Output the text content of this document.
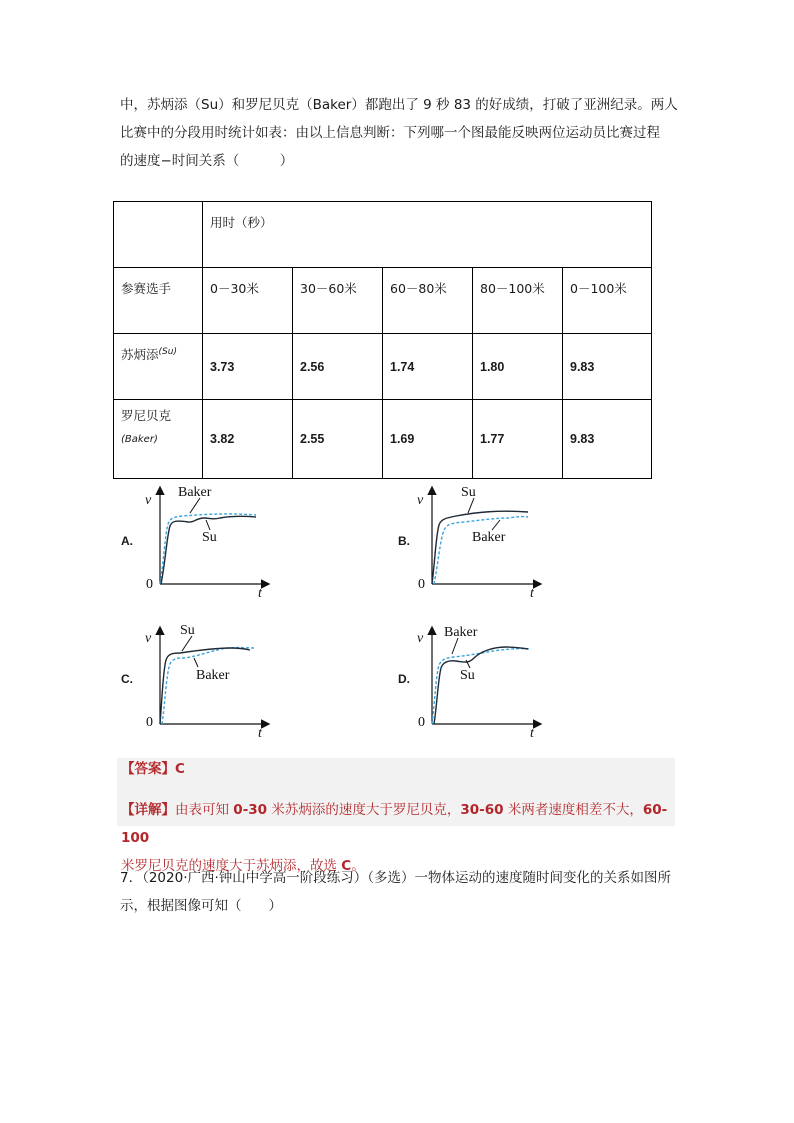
中，苏炳添（Su）和罗尼贝克（Baker）都跑出了 9 秒 83 的好成绩，打破了亚洲纪录。两人
比赛中的分段用时统计如表：由以上信息判断：下列哪一个图最能反映两位运动员比赛过程
的速度−时间关系（　　　）
	用时（秒）				
参赛选手	0－30米	30－60米	60－80米	80－100米	0－100米
苏炳添$^{(Su)}$	3.73	2.56	1.74	1.80	9.83

罗尼贝克
(Baker)	3.82	2.55	1.69	1.77	9.83
A.	B.
C.	D.
Baker
Su
v
t
0
Su
Baker
v
t
0
Su
Baker
v
t
0
Baker
Su
v
t
0
【答案】C
【详解】由表可知 0-30 米苏炳添的速度大于罗尼贝克，30-60 米两者速度相差不大，60-100
米罗尼贝克的速度大于苏炳添，故选 C。
7．（2020·广西·钟山中学高一阶段练习）（多选）一物体运动的速度随时间变化的关系如图所
示，根据图像可知（　　）
